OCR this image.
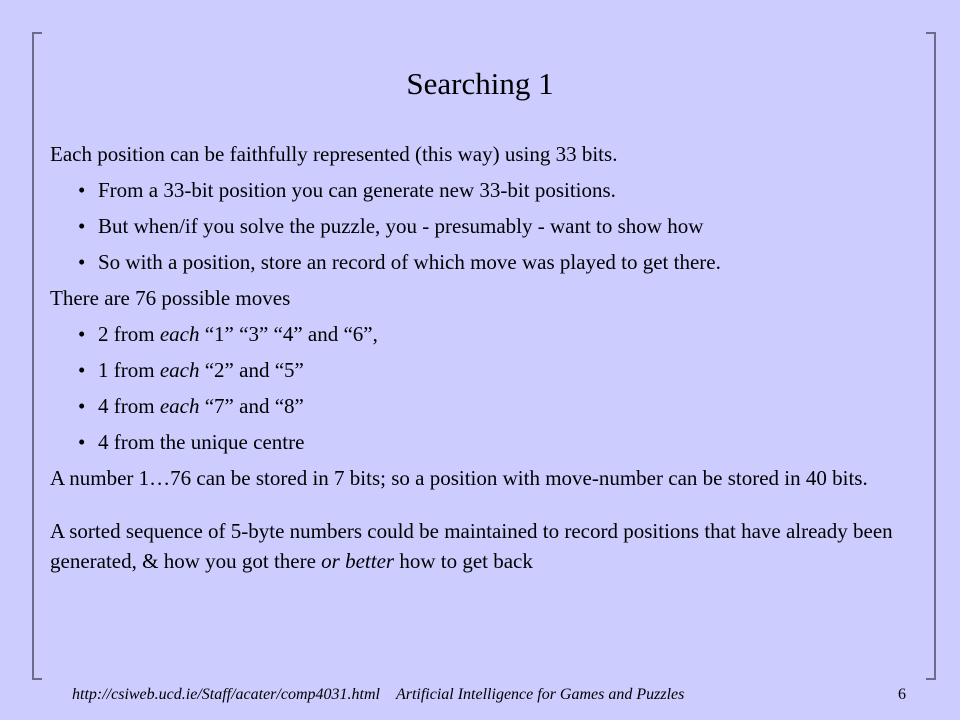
Searching 1
Each position can be faithfully represented (this way) using 33 bits.
• From a 33-bit position you can generate new 33-bit positions.
• But when/if you solve the puzzle, you - presumably - want to show how
• So with a position, store an record of which move was played to get there.
There are 76 possible moves
• 2 from each “1” “3” “4” and “6”,
• 1 from each “2” and “5”
• 4 from each “7” and “8”
• 4 from the unique centre
A number 1…76 can be stored in 7 bits; so a position with move-number can be stored in 40 bits.
A sorted sequence of 5-byte numbers could be maintained to record positions that have already been generated, & how you got there or better how to get back
http://csiweb.ucd.ie/Staff/acater/comp4031.html Artificial Intelligence for Games and Puzzles	6
